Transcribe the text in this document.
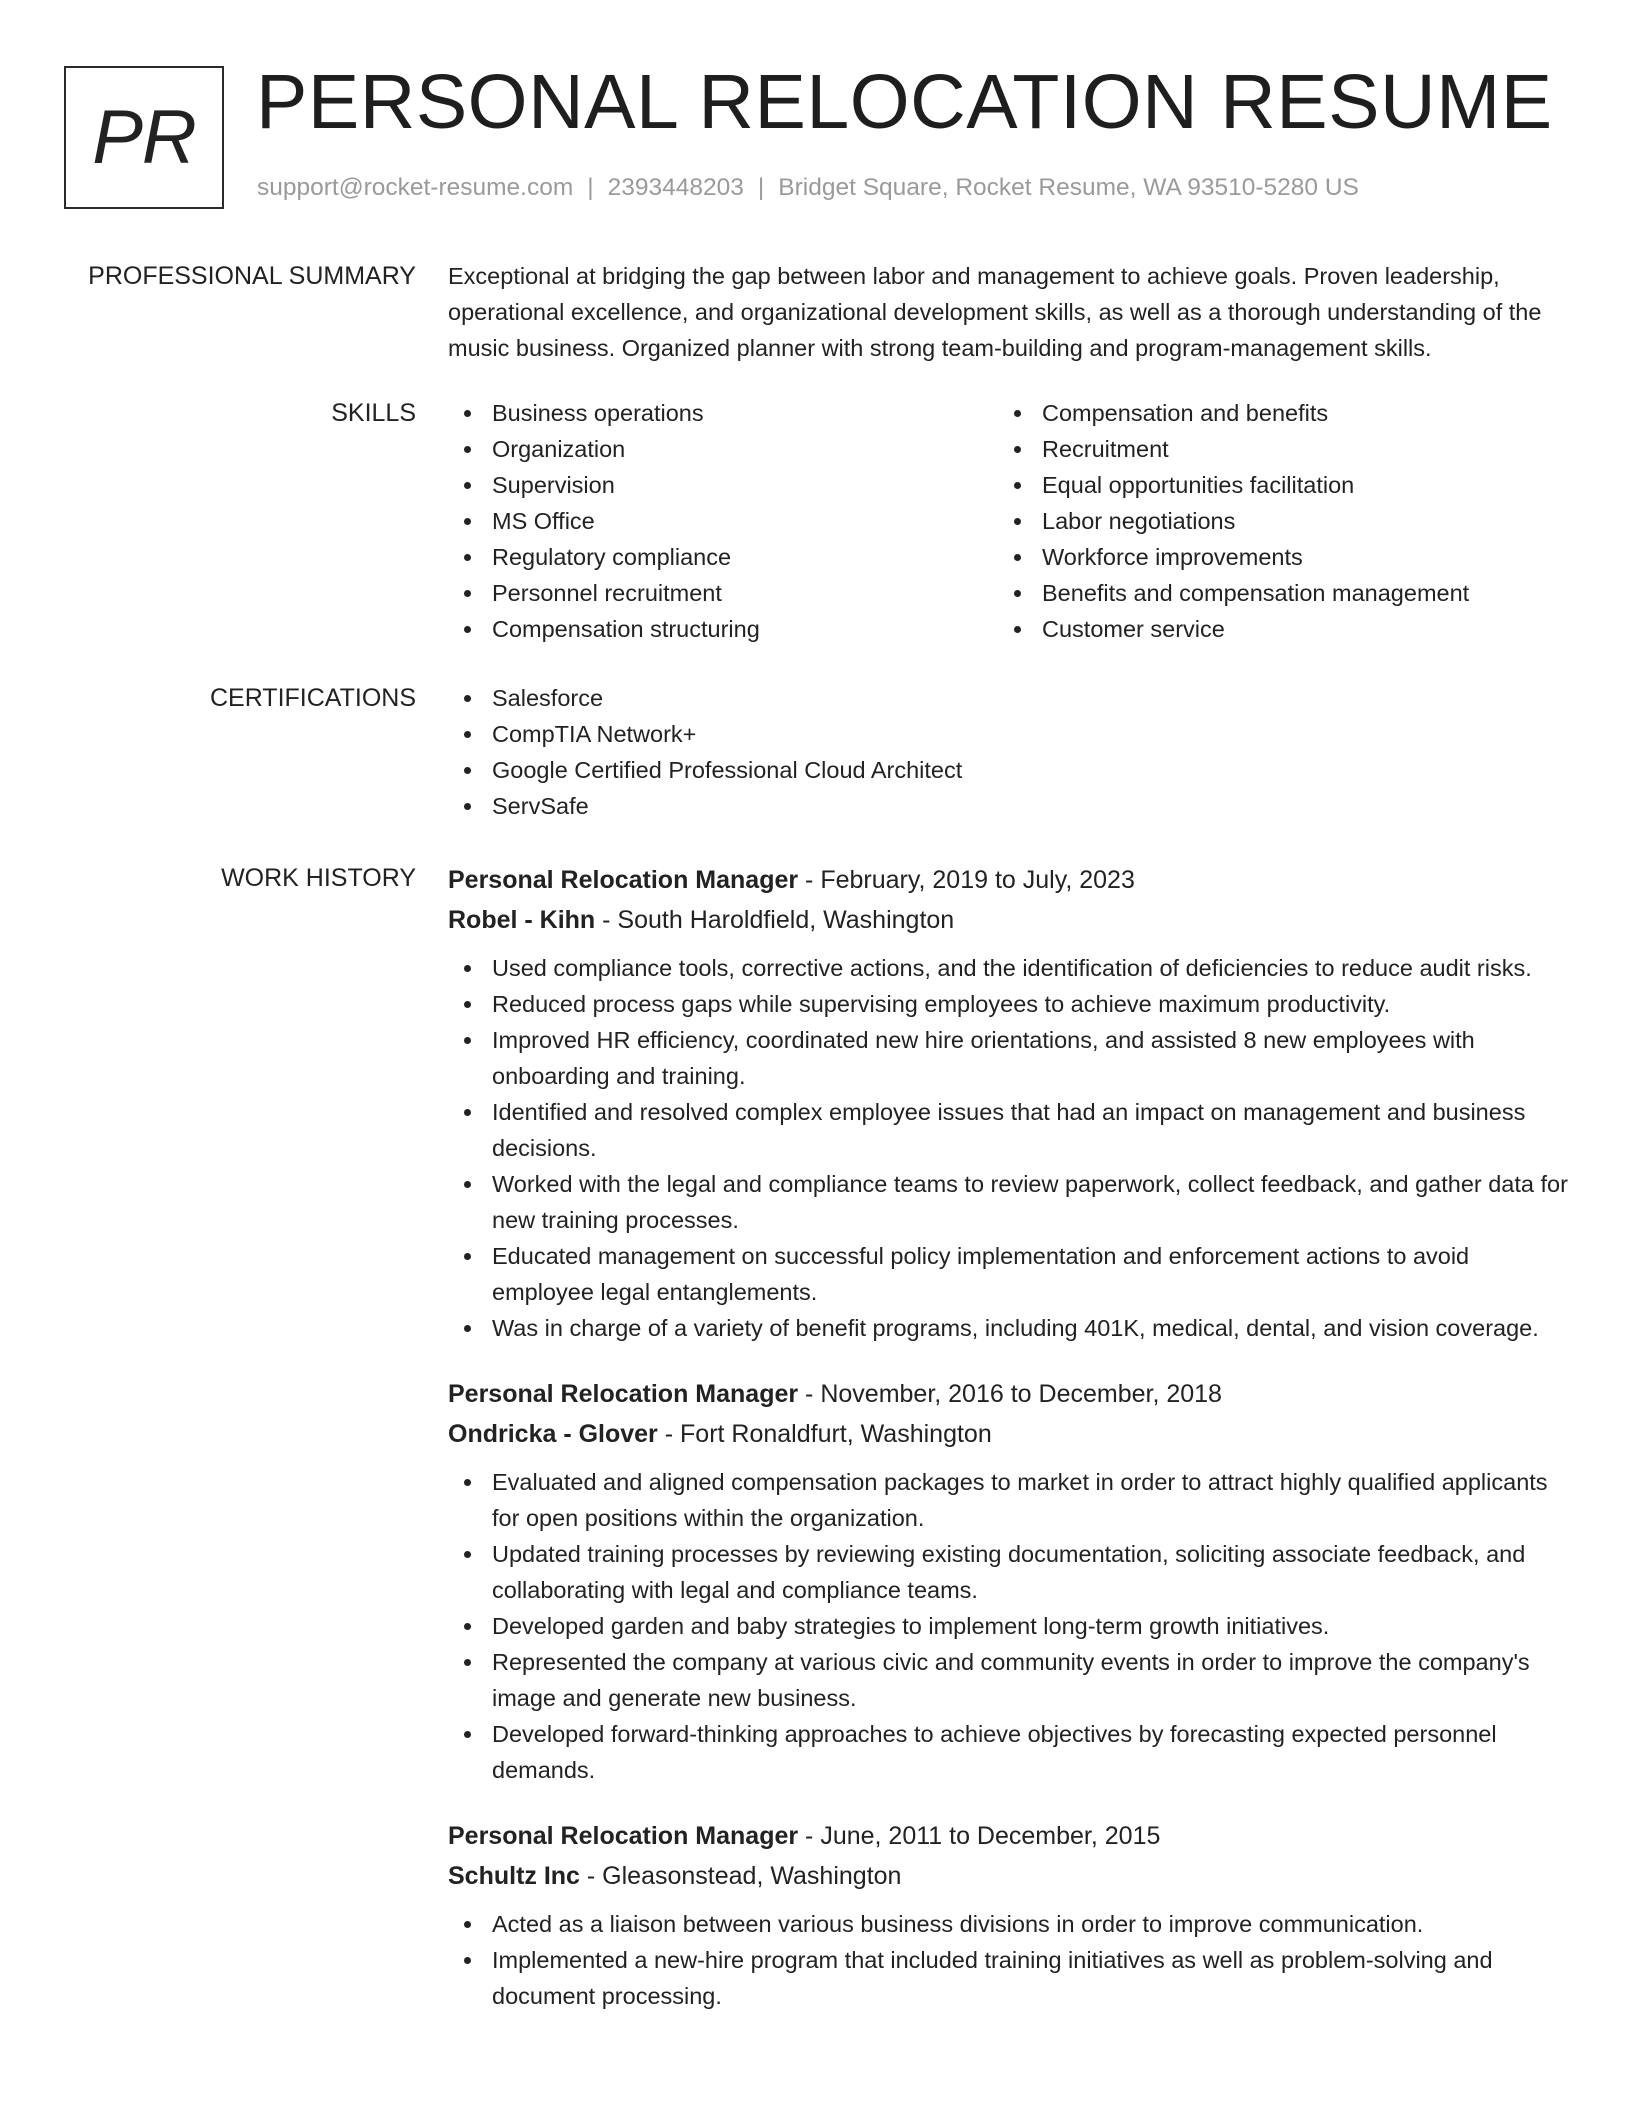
PR PERSONAL RELOCATION RESUME
support@rocket-resume.com | 2393448203 | Bridget Square, Rocket Resume, WA 93510-5280 US
PROFESSIONAL SUMMARY Exceptional at bridging the gap between labor and management to achieve goals. Proven leadership, operational excellence, and organizational development skills, as well as a thorough understanding of the music business. Organized planner with strong team-building and program-management skills.
SKILLS	Business operations
Organization
Supervision
MS Office
Regulatory compliance
Personnel recruitment
Compensation structuring
Compensation and benefits
Recruitment
Equal opportunities facilitation
Labor negotiations
Workforce improvements
Benefits and compensation management
Customer service
CERTIFICATIONS	Salesforce
CompTIA Network+
Google Certified Professional Cloud Architect
ServSafe
WORK HISTORY Personal Relocation Manager - February, 2019 to July, 2023
Robel - Kihn - South Haroldfield, Washington
Used compliance tools, corrective actions, and the identification of deficiencies to reduce audit risks.
Reduced process gaps while supervising employees to achieve maximum productivity.
Improved HR efficiency, coordinated new hire orientations, and assisted 8 new employees with onboarding and training.
Identified and resolved complex employee issues that had an impact on management and business decisions.
Worked with the legal and compliance teams to review paperwork, collect feedback, and gather data for new training processes.
Educated management on successful policy implementation and enforcement actions to avoid employee legal entanglements.
Was in charge of a variety of benefit programs, including 401K, medical, dental, and vision coverage.
Personal Relocation Manager - November, 2016 to December, 2018
Ondricka - Glover - Fort Ronaldfurt, Washington
Evaluated and aligned compensation packages to market in order to attract highly qualified applicants for open positions within the organization.
Updated training processes by reviewing existing documentation, soliciting associate feedback, and collaborating with legal and compliance teams.
Developed garden and baby strategies to implement long-term growth initiatives.
Represented the company at various civic and community events in order to improve the company's image and generate new business.
Developed forward-thinking approaches to achieve objectives by forecasting expected personnel demands.
Personal Relocation Manager - June, 2011 to December, 2015
Schultz Inc - Gleasonstead, Washington
Acted as a liaison between various business divisions in order to improve communication.
Implemented a new-hire program that included training initiatives as well as problem-solving and document processing.
